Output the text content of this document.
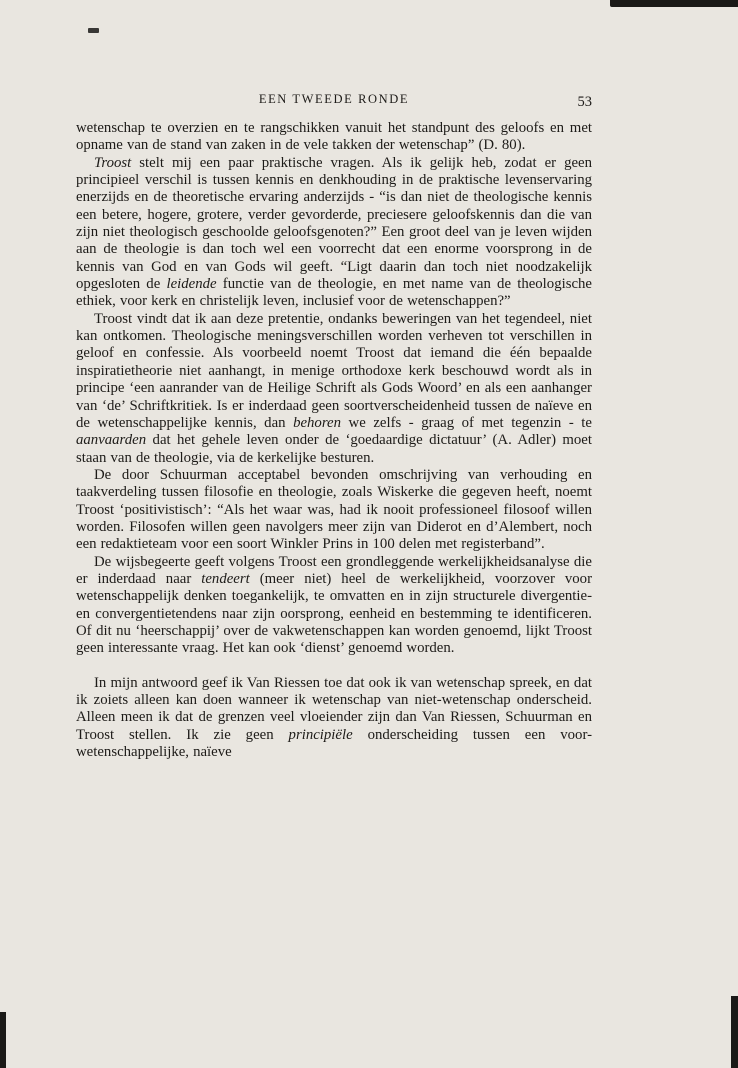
EEN TWEEDE RONDE	53

wetenschap te overzien en te rangschikken vanuit het standpunt des geloofs en met opname van de stand van zaken in de vele takken der wetenschap” (D. 80).

Troost stelt mij een paar praktische vragen. Als ik gelijk heb, zodat er geen principieel verschil is tussen kennis en denkhouding in de praktische levenservaring enerzijds en de theoretische ervaring anderzijds - “is dan niet de theologische kennis een betere, hogere, grotere, verder gevorderde, preciesere geloofskennis dan die van zijn niet theologisch geschoolde geloofsgenoten?” Een groot deel van je leven wijden aan de theologie is dan toch wel een voorrecht dat een enorme voorsprong in de kennis van God en van Gods wil geeft. “Ligt daarin dan toch niet noodzakelijk opgesloten de leidende functie van de theologie, en met name van de theologische ethiek, voor kerk en christelijk leven, inclusief voor de wetenschappen?”

Troost vindt dat ik aan deze pretentie, ondanks beweringen van het tegendeel, niet kan ontkomen. Theologische meningsverschillen worden verheven tot verschillen in geloof en confessie. Als voorbeeld noemt Troost dat iemand die één bepaalde inspiratietheorie niet aanhangt, in menige orthodoxe kerk beschouwd wordt als in principe ‘een aanrander van de Heilige Schrift als Gods Woord’ en als een aanhanger van ‘de’ Schriftkritiek. Is er inderdaad geen soortverscheidenheid tussen de naïeve en de wetenschappelijke kennis, dan behoren we zelfs - graag of met tegenzin - te aanvaarden dat het gehele leven onder de ‘goedaardige dictatuur’ (A. Adler) moet staan van de theologie, via de kerkelijke besturen.

De door Schuurman acceptabel bevonden omschrijving van verhouding en taakverdeling tussen filosofie en theologie, zoals Wiskerke die gegeven heeft, noemt Troost ‘positivistisch’: “Als het waar was, had ik nooit professioneel filosoof willen worden. Filosofen willen geen navolgers meer zijn van Diderot en d’Alembert, noch een redaktieteam voor een soort Winkler Prins in 100 delen met registerband”.

De wijsbegeerte geeft volgens Troost een grondleggende werkelijkheidsanalyse die er inderdaad naar tendeert (meer niet) heel de werkelijkheid, voorzover voor wetenschappelijk denken toegankelijk, te omvatten en in zijn structurele divergentie- en convergentietendens naar zijn oorsprong, eenheid en bestemming te identificeren. Of dit nu ‘heerschappij’ over de vakwetenschappen kan worden genoemd, lijkt Troost geen interessante vraag. Het kan ook ‘dienst’ genoemd worden.

In mijn antwoord geef ik Van Riessen toe dat ook ik van wetenschap spreek, en dat ik zoiets alleen kan doen wanneer ik wetenschap van niet-wetenschap onderscheid. Alleen meen ik dat de grenzen veel vloeiender zijn dan Van Riessen, Schuurman en Troost stellen. Ik zie geen principiële onderscheiding tussen een voor-wetenschappelijke, naïeve
